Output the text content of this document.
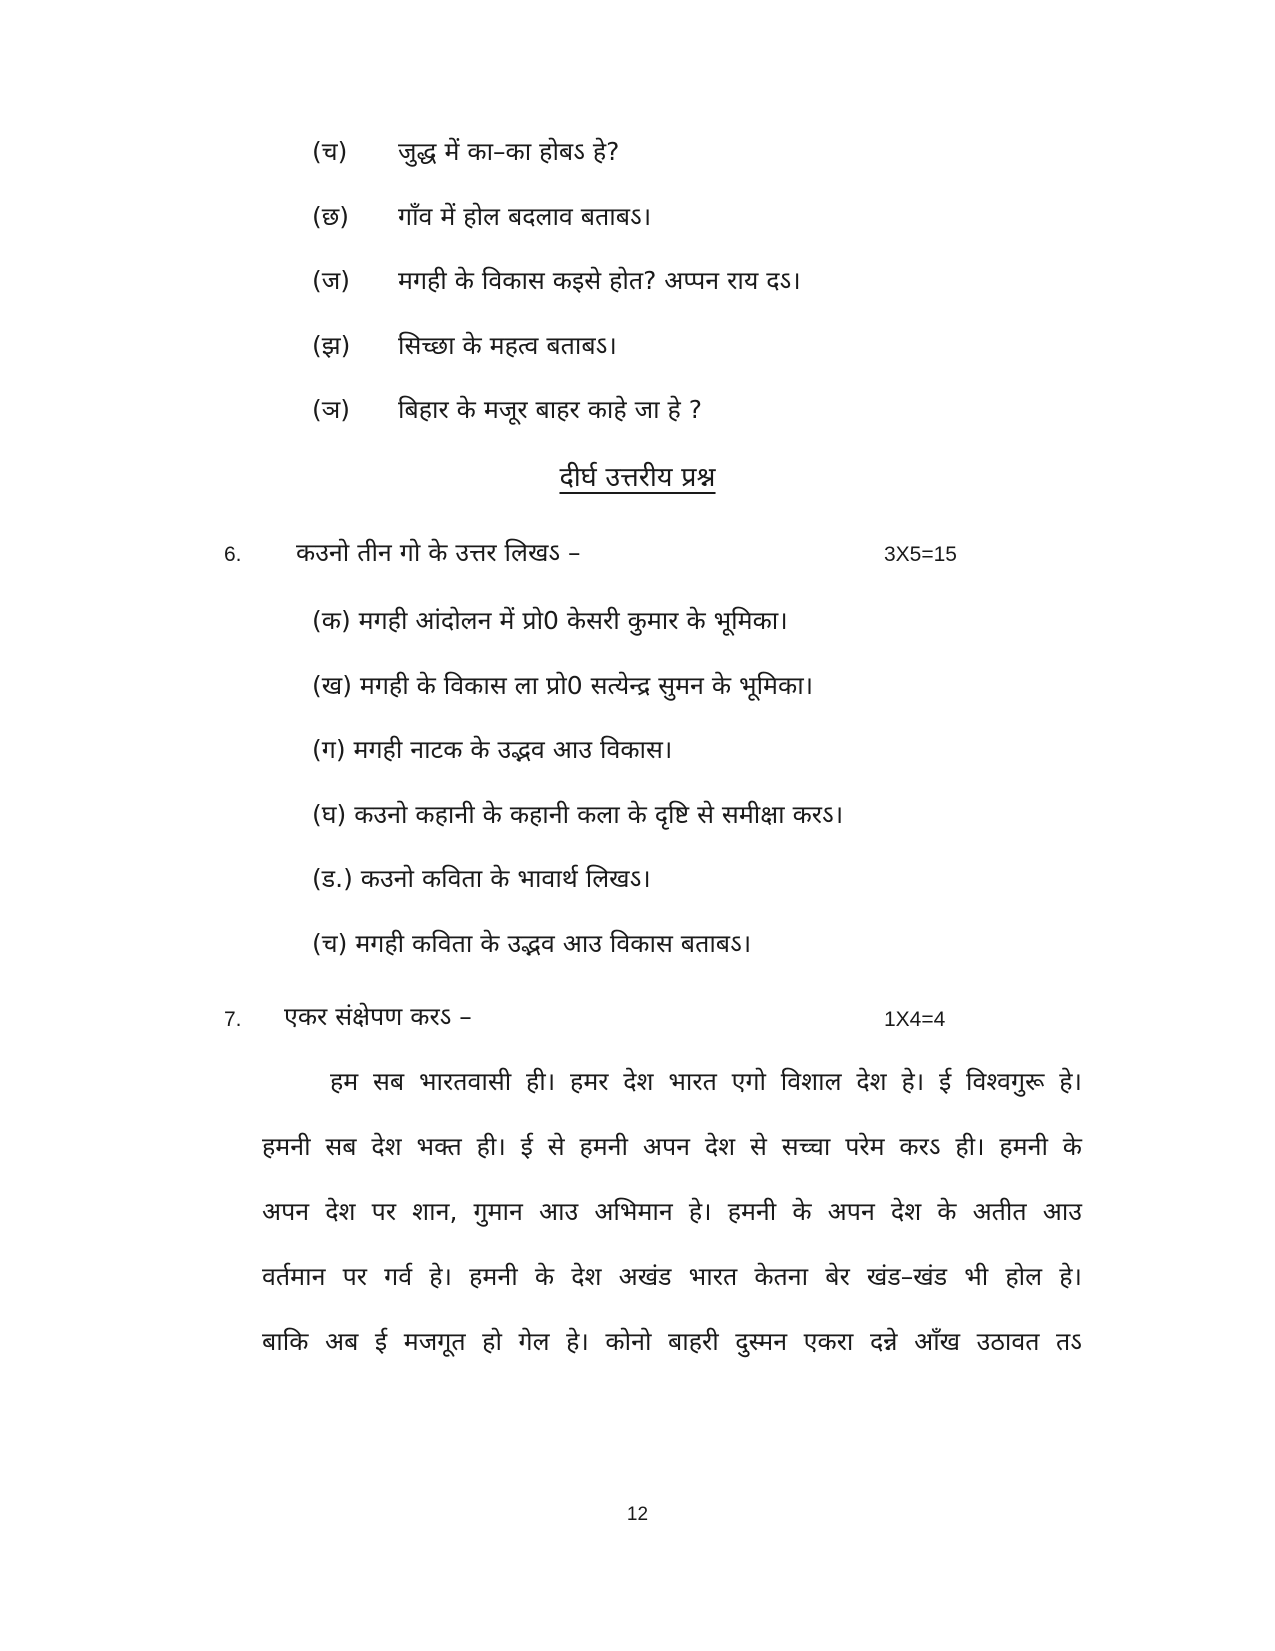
(च) जुद्ध में का–का होबऽ हे?
(छ) गाँव में होल बदलाव बताबऽ।
(ज) मगही के विकास कइसे होत? अप्पन राय दऽ।
(झ) सिच्छा के महत्व बताबऽ।
(ञ) बिहार के मजूर बाहर काहे जा हे ?
दीर्घ उत्तरीय प्रश्न
6. कउनो तीन गो के उत्तर लिखऽ –	3X5=15
(क) मगही आंदोलन में प्रो0 केसरी कुमार के भूमिका।
(ख) मगही के विकास ला प्रो0 सत्येन्द्र सुमन के भूमिका।
(ग) मगही नाटक के उद्भव आउ विकास।
(घ) कउनो कहानी के कहानी कला के दृष्टि से समीक्षा करऽ।
(ड.) कउनो कविता के भावार्थ लिखऽ।
(च) मगही कविता के उद्भव आउ विकास बताबऽ।
7. एकर संक्षेपण करऽ –	1X4=4
हम सब भारतवासी ही। हमर देश भारत एगो विशाल देश हे। ई विश्वगुरू हे।
हमनी सब देश भक्त ही। ई से हमनी अपन देश से सच्चा परेम करऽ ही। हमनी के
अपन देश पर शान, गुमान आउ अभिमान हे। हमनी के अपन देश के अतीत आउ
वर्तमान पर गर्व हे। हमनी के देश अखंड भारत केतना बेर खंड–खंड भी होल हे।
बाकि अब ई मजगूत हो गेल हे। कोनो बाहरी दुस्मन एकरा दन्ने आँख उठावत तऽ
12
